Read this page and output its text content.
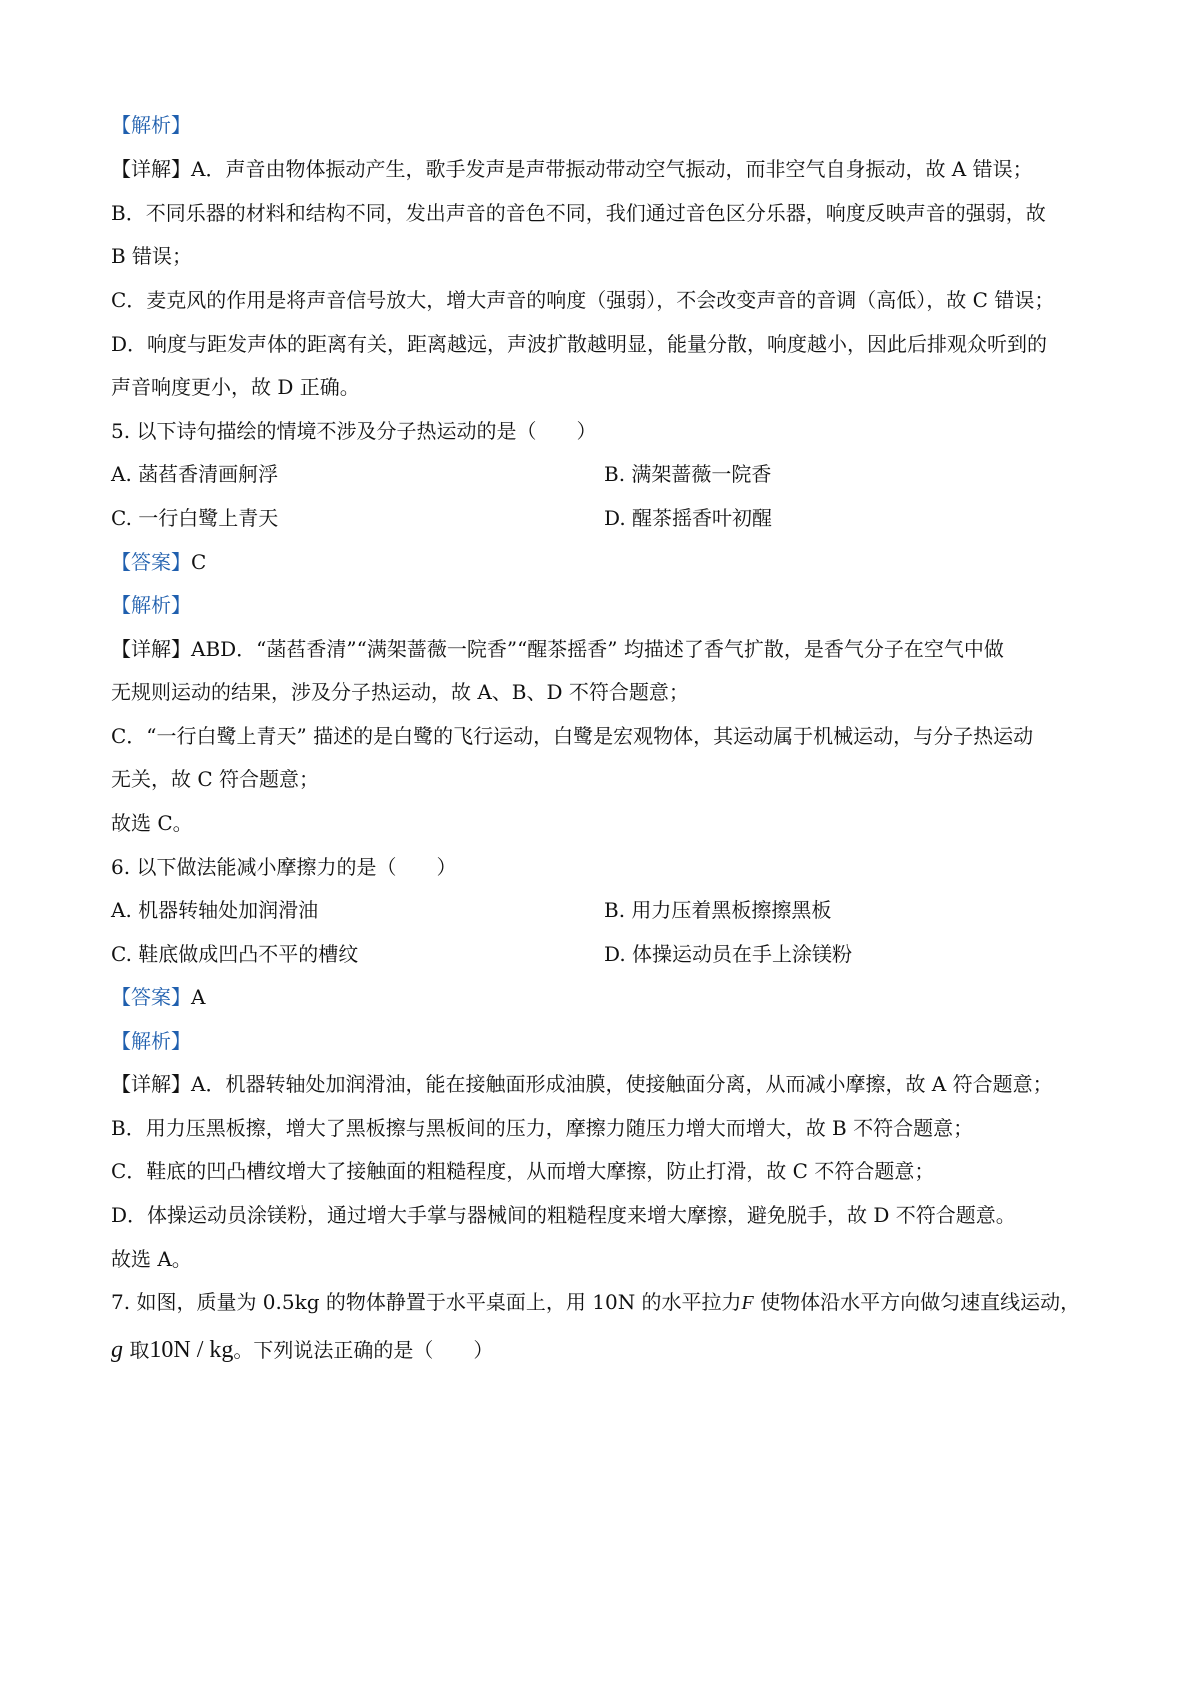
【解析】
【详解】A．声音由物体振动产生，歌手发声是声带振动带动空气振动，而非空气自身振动，故 A 错误；
B．不同乐器的材料和结构不同，发出声音的音色不同，我们通过音色区分乐器，响度反映声音的强弱，故
B 错误；
C．麦克风的作用是将声音信号放大，增大声音的响度（强弱），不会改变声音的音调（高低），故 C 错误；
D．响度与距发声体的距离有关，距离越远，声波扩散越明显，能量分散，响度越小，因此后排观众听到的
声音响度更小，故 D 正确。
5. 以下诗句描绘的情境不涉及分子热运动的是（　　）
A. 菡萏香清画舸浮	B. 满架蔷薇一院香
C. 一行白鹭上青天	D. 醒茶摇香叶初醒
【答案】C
【解析】
【详解】ABD．“菡萏香清”“满架蔷薇一院香”“醒茶摇香” 均描述了香气扩散，是香气分子在空气中做
无规则运动的结果，涉及分子热运动，故 A、B、D 不符合题意；
C．“一行白鹭上青天” 描述的是白鹭的飞行运动，白鹭是宏观物体，其运动属于机械运动，与分子热运动
无关，故 C 符合题意；
故选 C。
6. 以下做法能减小摩擦力的是（　　）
A. 机器转轴处加润滑油	B. 用力压着黑板擦擦黑板
C. 鞋底做成凹凸不平的槽纹	D. 体操运动员在手上涂镁粉
【答案】A
【解析】
【详解】A．机器转轴处加润滑油，能在接触面形成油膜，使接触面分离，从而减小摩擦，故 A 符合题意；
B．用力压黑板擦，增大了黑板擦与黑板间的压力，摩擦力随压力增大而增大，故 B 不符合题意；
C．鞋底的凹凸槽纹增大了接触面的粗糙程度，从而增大摩擦，防止打滑，故 C 不符合题意；
D．体操运动员涂镁粉，通过增大手掌与器械间的粗糙程度来增大摩擦，避免脱手，故 D 不符合题意。
故选 A。
7. 如图，质量为 0.5kg 的物体静置于水平桌面上，用 10N 的水平拉力F 使物体沿水平方向做匀速直线运动，
g 取10N / kg。下列说法正确的是（　　）
